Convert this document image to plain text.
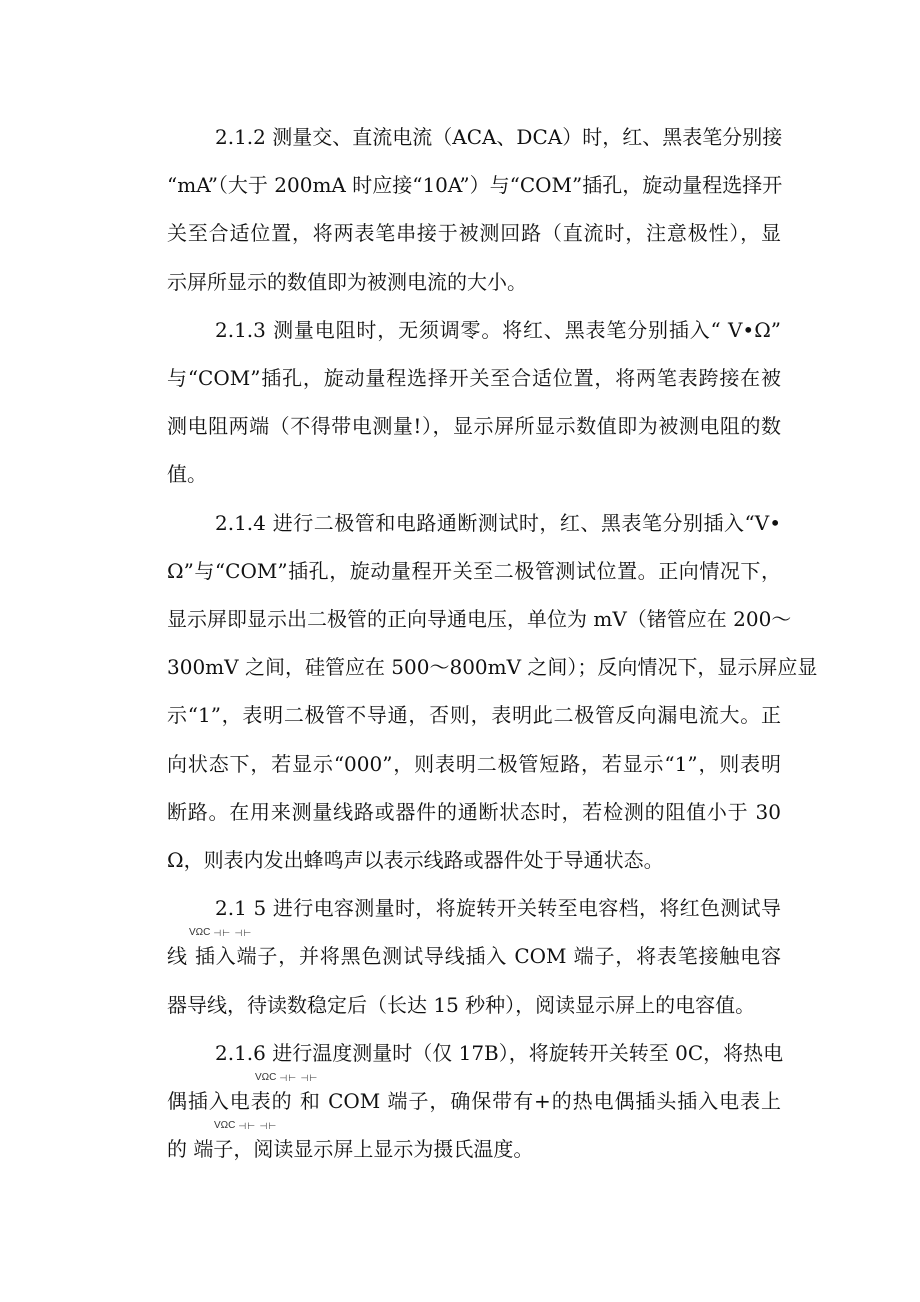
2.1.2 测量交、直流电流（ACA、DCA）时，红、黑表笔分别接
“mA”（大于 200mA 时应接“10A”）与“COM”插孔，旋动量程选择开
关至合适位置，将两表笔串接于被测回路（直流时，注意极性），显
示屏所显示的数值即为被测电流的大小。
2.1.3 测量电阻时，无须调零。将红、黑表笔分别插入“ V•Ω”
与“COM”插孔，旋动量程选择开关至合适位置，将两笔表跨接在被
测电阻两端（不得带电测量!），显示屏所显示数值即为被测电阻的数
值。
2.1.4 进行二极管和电路通断测试时，红、黑表笔分别插入“V•
Ω”与“COM”插孔，旋动量程开关至二极管测试位置。正向情况下，
显示屏即显示出二极管的正向导通电压，单位为 mV（锗管应在 200～
300mV 之间，硅管应在 500～800mV 之间）；反向情况下，显示屏应显
示“1”，表明二极管不导通，否则，表明此二极管反向漏电流大。正
向状态下，若显示“000”，则表明二极管短路，若显示“1”，则表明
断路。在用来测量线路或器件的通断状态时，若检测的阻值小于 30
Ω，则表内发出蜂鸣声以表示线路或器件处于导通状态。
2.1 5 进行电容测量时，将旋转开关转至电容档，将红色测试导
线 插入端子，并将黑色测试导线插入 COM 端子，将表笔接触电容
器导线，待读数稳定后（长达 15 秒种），阅读显示屏上的电容值。
2.1.6 进行温度测量时（仅 17B），将旋转开关转至 0C，将热电
偶插入电表的 和 COM 端子，确保带有+的热电偶插头插入电表上
的 端子，阅读显示屏上显示为摄氏温度。
VΩC ⊣⊢ ⊣⊢
VΩC ⊣⊢ ⊣⊢
VΩC ⊣⊢ ⊣⊢
